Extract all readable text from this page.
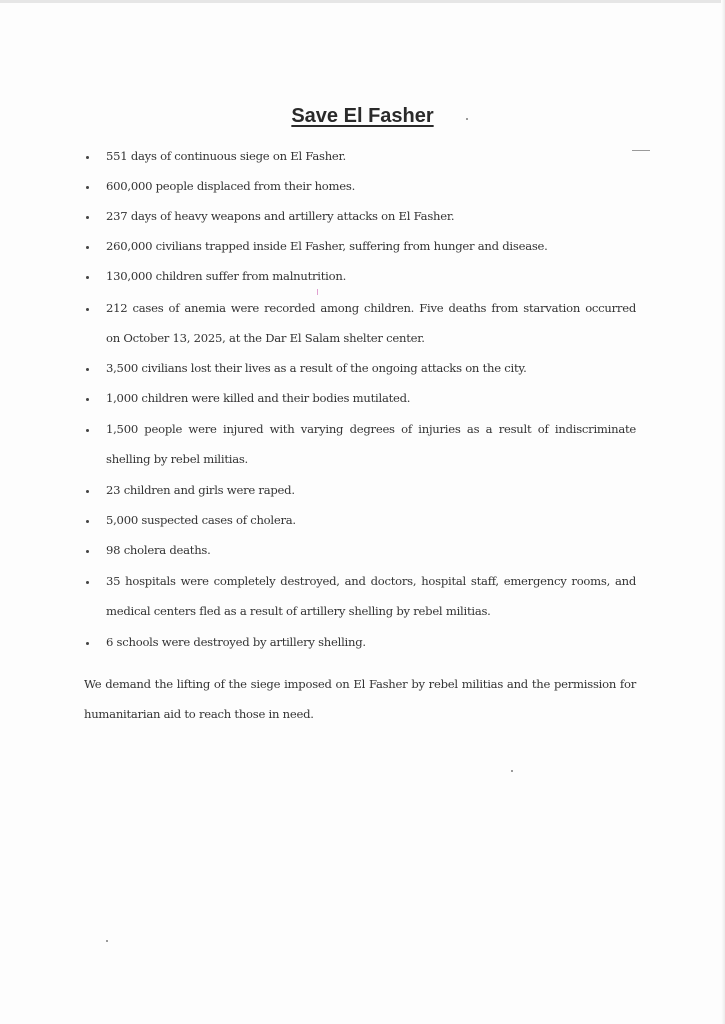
Save El Fasher
551 days of continuous siege on El Fasher.
600,000 people displaced from their homes.
237 days of heavy weapons and artillery attacks on El Fasher.
260,000 civilians trapped inside El Fasher, suffering from hunger and disease.
130,000 children suffer from malnutrition.
212 cases of anemia were recorded among children. Five deaths from starvation occurred
on October 13, 2025, at the Dar El Salam shelter center.
3,500 civilians lost their lives as a result of the ongoing attacks on the city.
1,000 children were killed and their bodies mutilated.
1,500 people were injured with varying degrees of injuries as a result of indiscriminate
shelling by rebel militias.
23 children and girls were raped.
5,000 suspected cases of cholera.
98 cholera deaths.
35 hospitals were completely destroyed, and doctors, hospital staff, emergency rooms, and
medical centers fled as a result of artillery shelling by rebel militias.
6 schools were destroyed by artillery shelling.
We demand the lifting of the siege imposed on El Fasher by rebel militias and the permission for
humanitarian aid to reach those in need.
